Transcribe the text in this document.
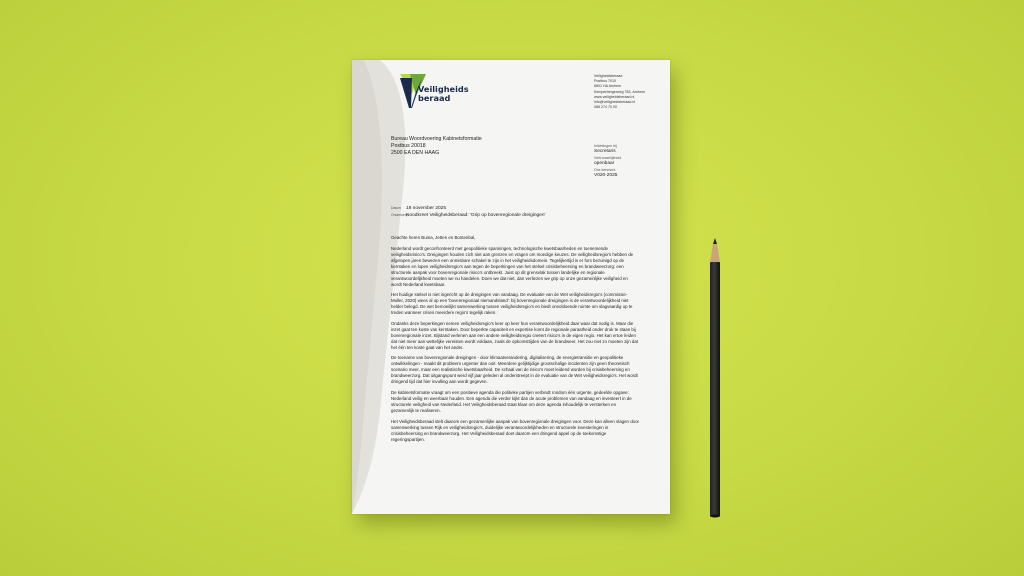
Veiligheids
beraad
Veiligheidsberaad
Postbus 7010
6801 HA Arnhem
Kemperbergerweg 783, Arnhem
www.veiligheidsberaad.nl
info@veiligheidsberaad.nl
088 274 70 00
Bureau Woordvoering Kabinetsformatie
Postbus 20018
2500 EA DEN HAAG
Inlichtingen bij
Secretaris
Vertrouwelijkheid
openbaar
Ons kenmerk
V020-2025
Datum 18 november 2025
OnderwerpNoodkreet Veiligheidsberaad: 'Grip op bovenregionale dreigingen'

Geachte heren Buma, Jetten en Bontenbal,

Nederland wordt geconfronteerd met geopolitieke spanningen, technologische kwetsbaarheden en toenemende veiligheidsrisico's. Dreigingen houden zich niet aan grenzen en vragen om moedige keuzes. De veiligheidsregio's hebben de afgelopen jaren bewezen een onmisbare schakel te zijn in het veiligheidsdomein. Tegelijkertijd is er fors bezuinigd op de kerntaken en lopen veiligheidsregio's aan tegen de beperkingen van het stelsel crisisbeheersing en brandweerzorg: een structurele aanpak voor bovenregionale risico's ontbreekt. Juist op dit grensvlak tussen landelijke en regionale verantwoordelijkheid moeten we nu handelen. Doen we dat niet, dan verliezen we grip op onze gezamenlijke veiligheid en wordt Nederland kwetsbaar.

Het huidige stelsel is niet ingericht op de dreigingen van vandaag. De evaluatie van de Wet veiligheidsregio's (commissie-Muller, 2020) wees al op een 'bovenregionaal niemandsland': bij bovenregionale dreigingen is de verantwoordelijkheid niet helder belegd. De wet bemoeilijkt samenwerking tussen veiligheidsregio's en biedt onvoldoende ruimte om slagvaardig op te treden wanneer crises meerdere regio's tegelijk raken.

Ondanks deze beperkingen nemen veiligheidsregio's keer op keer hun verantwoordelijkheid daar waar dat nodig is. Maar die inzet gaat ten koste van kerntaken. Door beperkte capaciteit en expertise komt de regionale paraatheid onder druk te staan bij bovenregionale inzet. Bijstand verlenen aan een andere veiligheidsregio creëert risico's in de eigen regio. Het kan ertoe leiden dat niet meer aan wettelijke vereisten wordt voldaan, zoals de opkomsttijden van de brandweer. Het zou niet zo moeten zijn dat het één ten koste gaat van het ander.

De toename van bovenregionale dreigingen - door klimaatverandering, digitalisering, de energietransitie en geopolitieke ontwikkelingen - maakt dit probleem urgenter dan ooit. Meerdere gelijktijdige grootschalige incidenten zijn geen theoretisch scenario meer, maar een realistische kwetsbaarheid. De schaal van de risico's moet leidend worden bij crisisbeheersing en brandweerzorg. Dat uitgangspunt werd vijf jaar geleden al onderstreept in de evaluatie van de Wet veiligheidsregio's. Het wordt dringend tijd dat hier invulling aan wordt gegeven.

De kabinetsformatie vraagt om een positieve agenda die politieke partijen verbindt rondom één urgente, gedeelde opgave: Nederland veilig en weerbaar houden. Een agenda die verder kijkt dan de acute problemen van vandaag en investeert in de structurele veiligheid van Nederland. Het Veiligheidsberaad staat klaar om deze agenda inhoudelijk te versterken en gezamenlijk te realiseren.

Het Veiligheidsberaad stelt daarom een gezamenlijke aanpak van bovenregionale dreigingen voor. Deze kan alleen slagen door samenwerking tussen Rijk en veiligheidsregio's, duidelijke verantwoordelijkheden en structurele investeringen in crisisbeheersing en brandweerzorg. Het Veiligheidsberaad doet daarom een dringend appel op de toekomstige regeringspartijen.
